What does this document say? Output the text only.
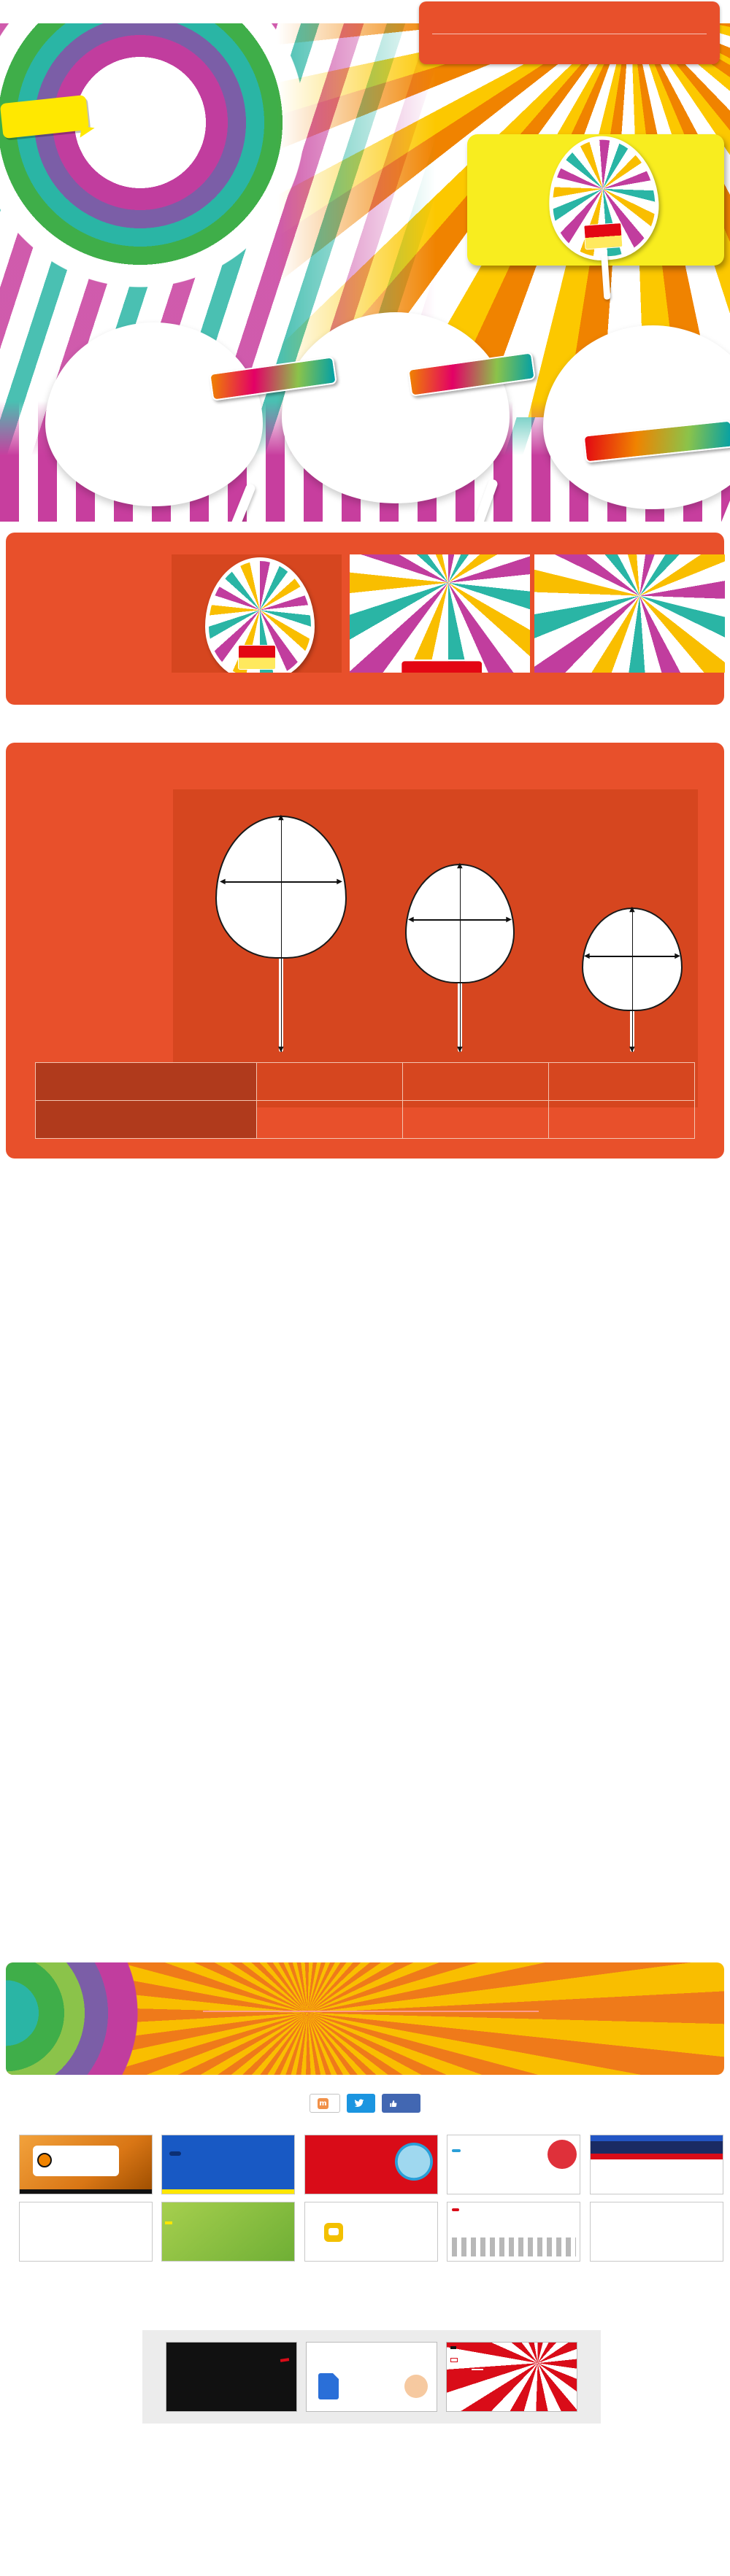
▲
▼
◀	▶
▲
▼
◀	▶
▲
▼
◀	▶

m
